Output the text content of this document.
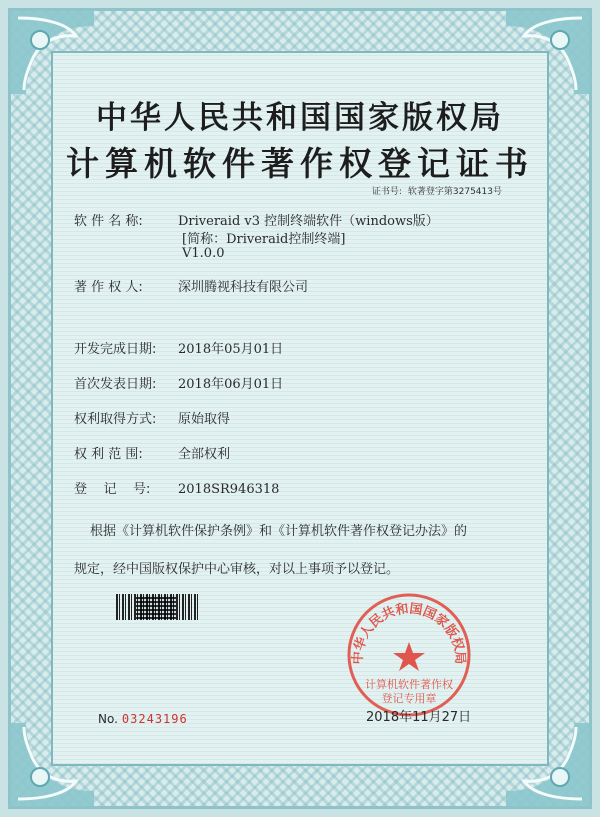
中华人民共和国国家版权局
计算机软件著作权登记证书
证书号: 软著登字第3275413号
软 件 名 称:	Driveraid v3 控制终端软件（windows版）
[简称：Driveraid控制终端]
V1.0.0
著 作 权 人:	深圳腾视科技有限公司
开发完成日期: 2018年05月01日
首次发表日期: 2018年06月01日
权利取得方式: 原始取得
权 利 范 围:	全部权利
登    记    号: 2018SR946318
根据《计算机软件保护条例》和《计算机软件著作权登记办法》的
规定，经中国版权保护中心审核，对以上事项予以登记。
中华人民共和国国家版权局
计算机软件著作权
登记专用章
2018年11月27日
No. 03243196
